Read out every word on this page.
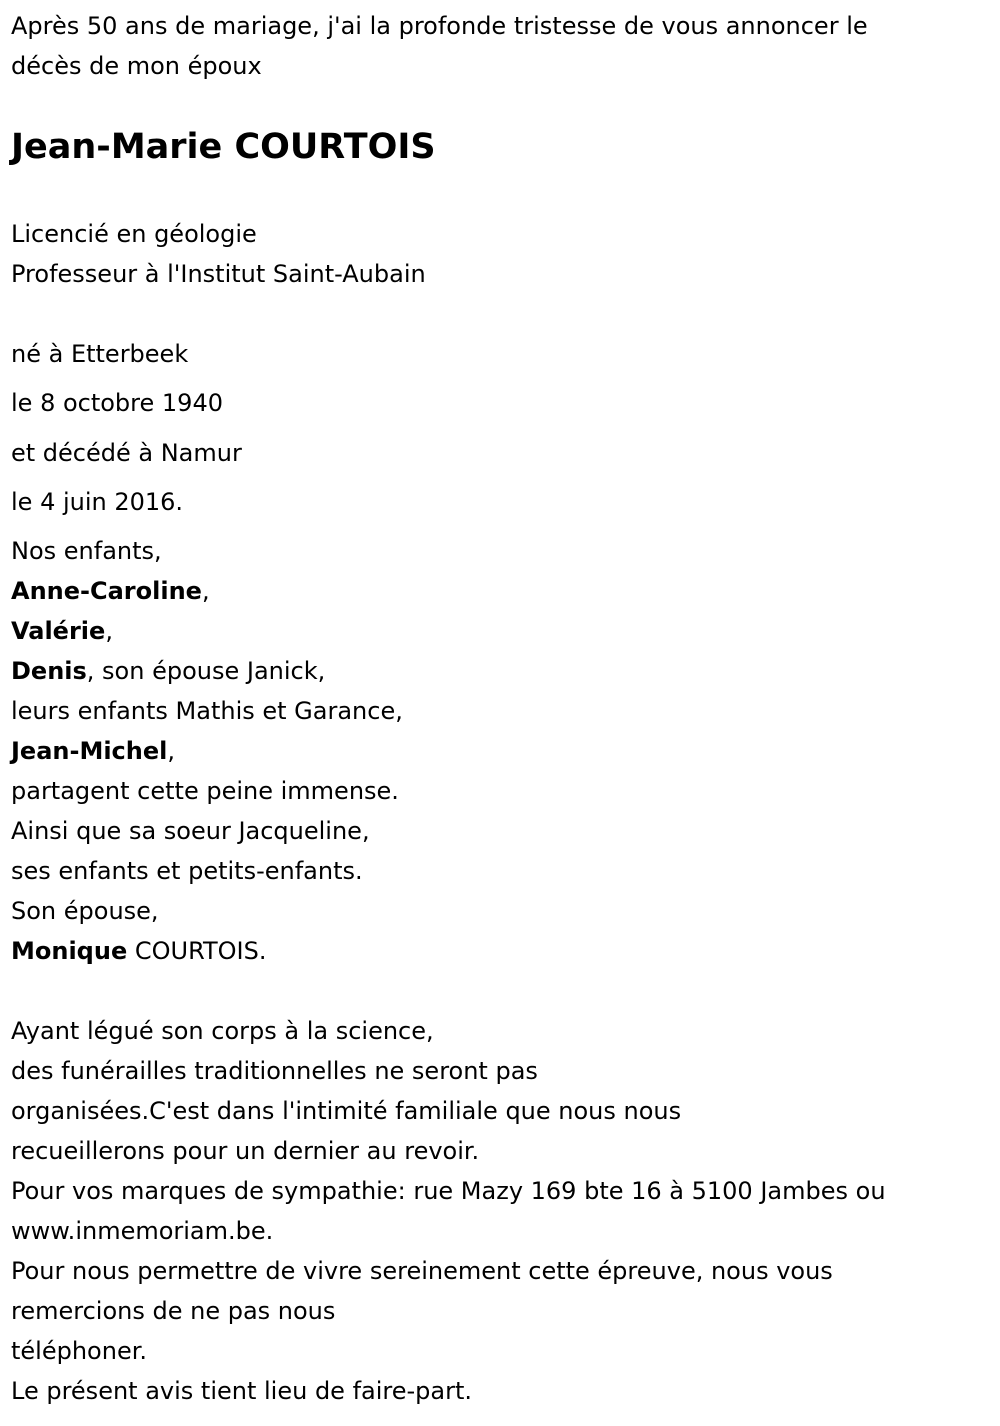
Après 50 ans de mariage, j'ai la profonde tristesse de vous annoncer le
décès de mon époux
Jean-Marie COURTOIS
Licencié en géologie
Professeur à l'Institut Saint-Aubain
né à Etterbeek
le 8 octobre 1940
et décédé à Namur
le 4 juin 2016.
Nos enfants,
Anne-Caroline,
Valérie,
Denis, son épouse Janick,
leurs enfants Mathis et Garance,
Jean-Michel,
partagent cette peine immense.
Ainsi que sa soeur Jacqueline,
ses enfants et petits-enfants.
Son épouse,
Monique COURTOIS.
Ayant légué son corps à la science,
des funérailles traditionnelles ne seront pas
organisées.C'est dans l'intimité familiale que nous nous
recueillerons pour un dernier au revoir.
Pour vos marques de sympathie: rue Mazy 169 bte 16 à 5100 Jambes ou
www.inmemoriam.be.
Pour nous permettre de vivre sereinement cette épreuve, nous vous
remercions de ne pas nous
téléphoner.
Le présent avis tient lieu de faire-part.
